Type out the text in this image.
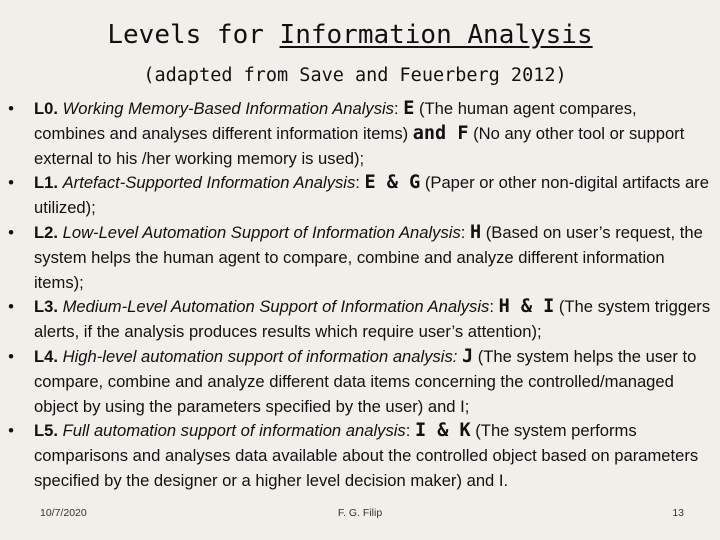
Levels for Information Analysis
(adapted from Save and Feuerberg 2012)
• L0. Working Memory-Based Information Analysis: E (The human agent compares, combines and analyses different information items) and F (No any other tool or support external to his /her working memory is used);
• L1. Artefact-Supported Information Analysis: E & G (Paper or other non-digital artifacts are utilized);
• L2. Low-Level Automation Support of Information Analysis: H (Based on user’s request, the system helps the human agent to compare, combine and analyze different information items);
• L3. Medium-Level Automation Support of Information Analysis: H & I (The system triggers alerts, if the analysis produces results which require user’s attention);
• L4. High-level automation support of information analysis: J (The system helps the user to compare, combine and analyze different data items concerning the controlled/managed object by using the parameters specified by the user) and I;
• L5. Full automation support of information analysis: I & K (The system performs comparisons and analyses data available about the controlled object based on parameters specified by the designer or a higher level decision maker) and I.
10/7/2020	F. G. Filip	13
